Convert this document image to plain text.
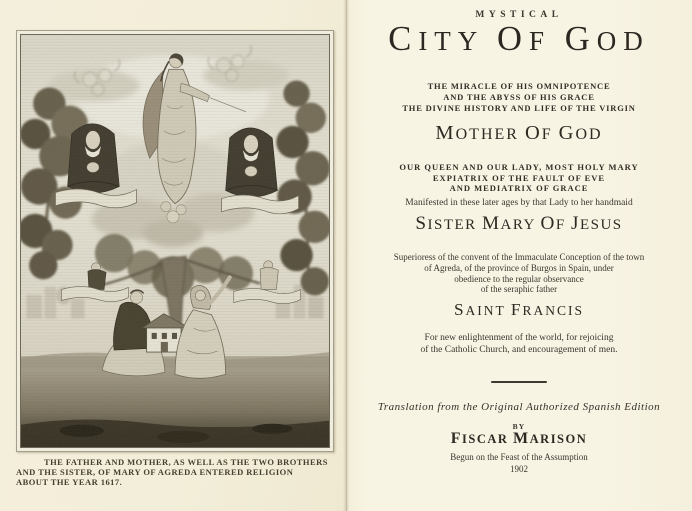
THE FATHER AND MOTHER, AS WELL AS THE TWO BROTHERS
AND THE SISTER, OF MARY OF AGREDA ENTERED RELIGION
ABOUT THE YEAR 1617.
MYSTICAL
CITY OF GOD
THE MIRACLE OF HIS OMNIPOTENCE
AND THE ABYSS OF HIS GRACE
THE DIVINE HISTORY AND LIFE OF THE VIRGIN
MOTHER OF GOD
OUR QUEEN AND OUR LADY, MOST HOLY MARY
EXPIATRIX OF THE FAULT OF EVE
AND MEDIATRIX OF GRACE
Manifested in these later ages by that Lady to her handmaid
SISTER MARY OF JESUS
Superioress of the convent of the Immaculate Conception of the town
of Agreda, of the province of Burgos in Spain, under
obedience to the regular observance
of the seraphic father
SAINT FRANCIS
For new enlightenment of the world, for rejoicing
of the Catholic Church, and encouragement of men.
Translation from the Original Authorized Spanish Edition
BY
FISCAR MARISON
Begun on the Feast of the Assumption
1902
